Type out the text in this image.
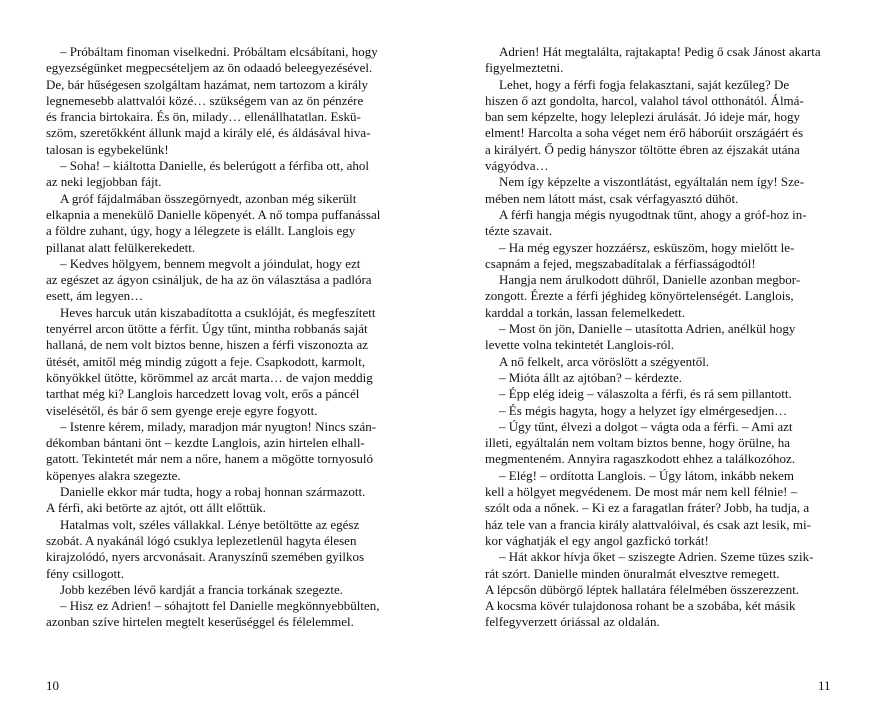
– Próbáltam finoman viselkedni. Próbáltam elcsábítani, hogy
egyezségünket megpecsételjem az ön odaadó beleegyezésével.
De, bár hűségesen szolgáltam hazámat, nem tartozom a király
legnemesebb alattvalói közé… szükségem van az ön pénzére
és francia birtokaira. És ön, milady… ellenállhatatlan. Eskü-
szöm, szeretőkként állunk majd a király elé, és áldásával hiva-
talosan is egybekelünk!

– Soha! – kiáltotta Danielle, és belerúgott a férfiba ott, ahol
az neki legjobban fájt.

A gróf fájdalmában összegörnyedt, azonban még sikerült
elkapnia a menekülő Danielle köpenyét. A nő tompa puffanással
a földre zuhant, úgy, hogy a lélegzete is elállt. Langlois egy
pillanat alatt felülkerekedett.

– Kedves hölgyem, bennem megvolt a jóindulat, hogy ezt
az egészet az ágyon csináljuk, de ha az ön választása a padlóra
esett, ám legyen…

Heves harcuk után kiszabadította a csuklóját, és megfeszített
tenyérrel arcon ütötte a férfit. Úgy tűnt, mintha robbanás saját
hallaná, de nem volt biztos benne, hiszen a férfi viszonozta az
ütését, amitől még mindig zúgott a feje. Csapkodott, karmolt,
könyökkel ütötte, körömmel az arcát marta… de vajon meddig
tarthat még ki? Langlois harcedzett lovag volt, erős a páncél
viselésétől, és bár ő sem gyenge ereje egyre fogyott.

– Istenre kérem, milady, maradjon már nyugton! Nincs szán-
dékomban bántani önt – kezdte Langlois, azin hirtelen elhall-
gatott. Tekintetét már nem a nőre, hanem a mögötte tornyosuló
köpenyes alakra szegezte.

Danielle ekkor már tudta, hogy a robaj honnan származott.
A férfi, aki betörte az ajtót, ott állt előttük.

Hatalmas volt, széles vállakkal. Lénye betöltötte az egész
szobát. A nyakánál lógó csuklya leplezetlenül hagyta élesen
kirajzolódó, nyers arcvonásait. Aranyszínű szemében gyilkos
fény csillogott.

Jobb kezében lévő kardját a francia torkának szegezte.

– Hisz ez Adrien! – sóhajtott fel Danielle megkönnyebbülten,
azonban szíve hirtelen megtelt keserűséggel és félelemmel.

Adrien! Hát megtalálta, rajtakapta! Pedig ő csak Jánost akarta
figyelmeztetni.

Lehet, hogy a férfi fogja felakasztani, saját kezűleg? De
hiszen ő azt gondolta, harcol, valahol távol otthonától. Álmá-
ban sem képzelte, hogy leleplezi árulását. Jó ideje már, hogy
elment! Harcolta a soha véget nem érő háborúit országáért és
a királyért. Ő pedig hányszor töltötte ébren az éjszakát utána
vágyódva…

Nem így képzelte a viszontlátást, egyáltalán nem így! Sze-
mében nem látott mást, csak vérfagyasztó dühöt.

A férfi hangja mégis nyugodtnak tűnt, ahogy a gróf-hoz in-
tézte szavait.

– Ha még egyszer hozzáérsz, esküszöm, hogy mielőtt le-
csapnám a fejed, megszabadítalak a férfiasságodtól!

Hangja nem árulkodott dühről, Danielle azonban megbor-
zongott. Érezte a férfi jéghideg könyörtelenségét. Langlois,
karddal a torkán, lassan felemelkedett.

– Most ön jön, Danielle – utasította Adrien, anélkül hogy
levette volna tekintetét Langlois-ról.

A nő felkelt, arca vöröslött a szégyentől.

– Mióta állt az ajtóban? – kérdezte.

– Épp elég ideig – válaszolta a férfi, és rá sem pillantott.

– És mégis hagyta, hogy a helyzet így elmérgesedjen…

– Úgy tűnt, élvezi a dolgot – vágta oda a férfi. – Ami azt
illeti, egyáltalán nem voltam biztos benne, hogy örülne, ha
megmenteném. Annyira ragaszkodott ehhez a találkozóhoz.

– Elég! – ordította Langlois. – Úgy látom, inkább nekem
kell a hölgyet megvédenem. De most már nem kell félnie! –
szólt oda a nőnek. – Ki ez a faragatlan fráter? Jobb, ha tudja, a
ház tele van a francia király alattvalóival, és csak azt lesik, mi-
kor vághatják el egy angol gazfickó torkát!

– Hát akkor hívja őket – sziszegte Adrien. Szeme tüzes szik-
rát szórt. Danielle minden önuralmát elvesztve remegett.
A lépcsőn dübörgő léptek hallatára félelmében összerezzent.
A kocsma kövér tulajdonosa rohant be a szobába, két másik
felfegyverzett óriással az oldalán.

10	11
